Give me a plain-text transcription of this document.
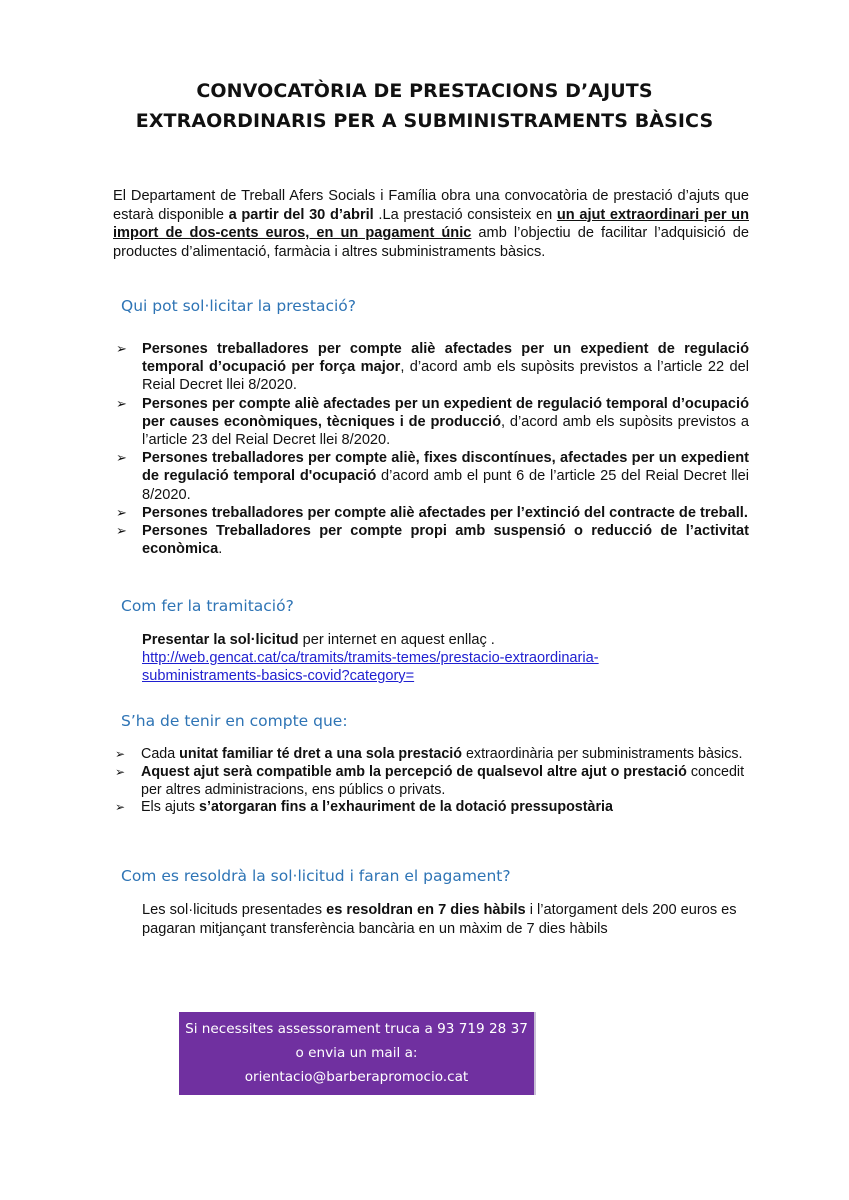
CONVOCATÒRIA DE PRESTACIONS D’AJUTS
EXTRAORDINARIS PER A SUBMINISTRAMENTS BÀSICS
El Departament de Treball Afers Socials i Família obra una convocatòria de prestació d’ajuts que estarà disponible a partir del 30 d’abril .La prestació consisteix en un ajut extraordinari per un import de dos-cents euros, en un pagament únic amb l’objectiu de facilitar l’adquisició de productes d’alimentació, farmàcia i altres subministraments bàsics.
Qui pot sol·licitar la prestació?
➢ Persones treballadores per compte aliè afectades per un expedient de regulació temporal d’ocupació per força major, d’acord amb els supòsits previstos a l’article 22 del Reial Decret llei 8/2020.
➢ Persones per compte aliè afectades per un expedient de regulació temporal d’ocupació per causes econòmiques, tècniques i de producció, d’acord amb els supòsits previstos a l’article 23 del Reial Decret llei 8/2020.
➢ Persones treballadores per compte aliè, fixes discontínues, afectades per un expedient de regulació temporal d'ocupació d’acord amb el punt 6 de l’article 25 del Reial Decret llei 8/2020.
➢ Persones treballadores per compte aliè afectades per l’extinció del contracte de treball.
➢ Persones Treballadores per compte propi amb suspensió o reducció de l’activitat econòmica.
Com fer la tramitació?
Presentar la sol·licitud per internet en aquest enllaç .
http://web.gencat.cat/ca/tramits/tramits-temes/prestacio-extraordinaria-
subministraments-basics-covid?category=
S’ha de tenir en compte que:
➢ Cada unitat familiar té dret a una sola prestació extraordinària per subministraments bàsics.
➢ Aquest ajut serà compatible amb la percepció de qualsevol altre ajut o prestació concedit per altres administracions, ens públics o privats.
➢ Els ajuts s’atorgaran fins a l’exhauriment de la dotació pressupostària
Com es resoldrà la sol·licitud i faran el pagament?
Les sol·licituds presentades es resoldran en 7 dies hàbils i l’atorgament dels 200 euros es pagaran mitjançant transferència bancària en un màxim de 7 dies hàbils
Si necessites assessorament truca a 93 719 28 37
o envia un mail a:
orientacio@barberapromocio.cat
